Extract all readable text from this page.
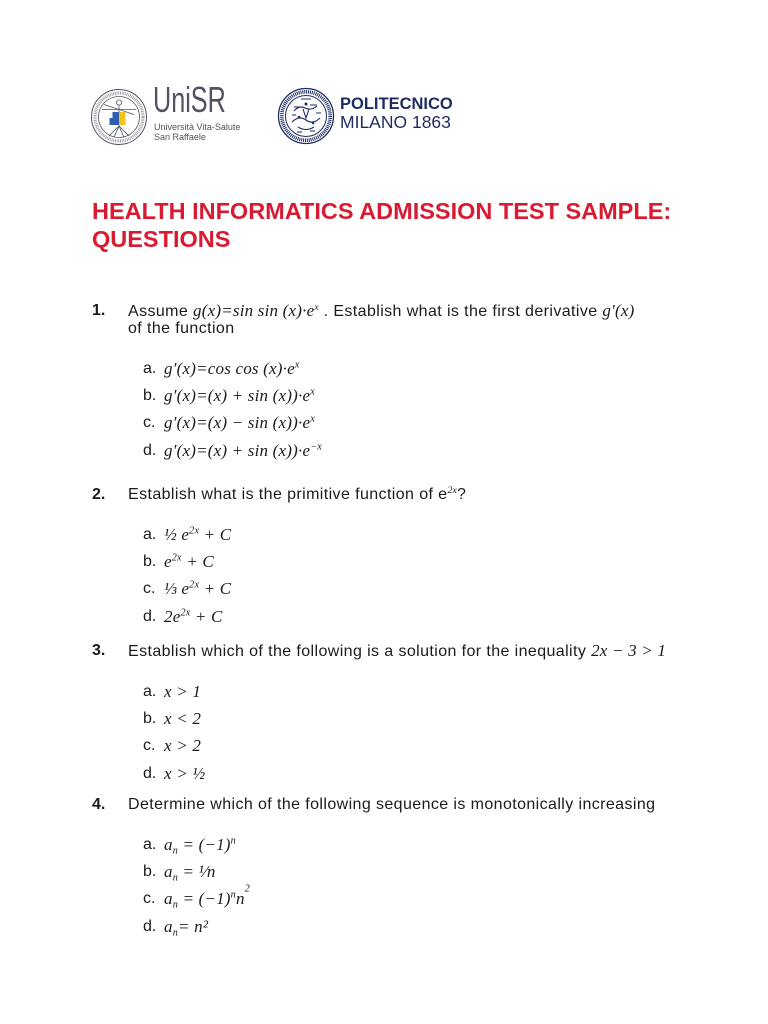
UniSR
Università Vita-Salute
San Raffaele
POLITECNICO
MILANO 1863
HEALTH INFORMATICS ADMISSION TEST SAMPLE:
QUESTIONS
1.	Assume g(x)=sin $\sin (x)\cdot e^x$ . Establish what is the first derivative g′(x)
of the function
a. g′(x)=cos $\cos (x)\cdot e^x$
b. $g'(x)=(x) + \sin (x))\cdot e^x$
c. $g'(x)=(x) - \sin (x))\cdot e^x$
d. $g'(x)=(x) + \sin (x))\cdot e^{-x}$
2.	Establish what is the primitive function of $e^{2x}$?
a. ½ $e^{2x} + C$
b. $e^{2x} + C$
c. ⅓ $e^{2x} + C$
d. $2e^{2x} + C$
3.	Establish which of the following is a solution for the inequality 2x − 3 > 1
a. x > 1
b. x < 2
c. x > 2
d. x > ½
4.	Determine which of the following sequence is monotonically increasing
a. $a_n = (-1)^n$
b. $a_n$ = ¹⁄n
c. $a_n = (-1)^nn^2$
d. $a_n= n^2$
